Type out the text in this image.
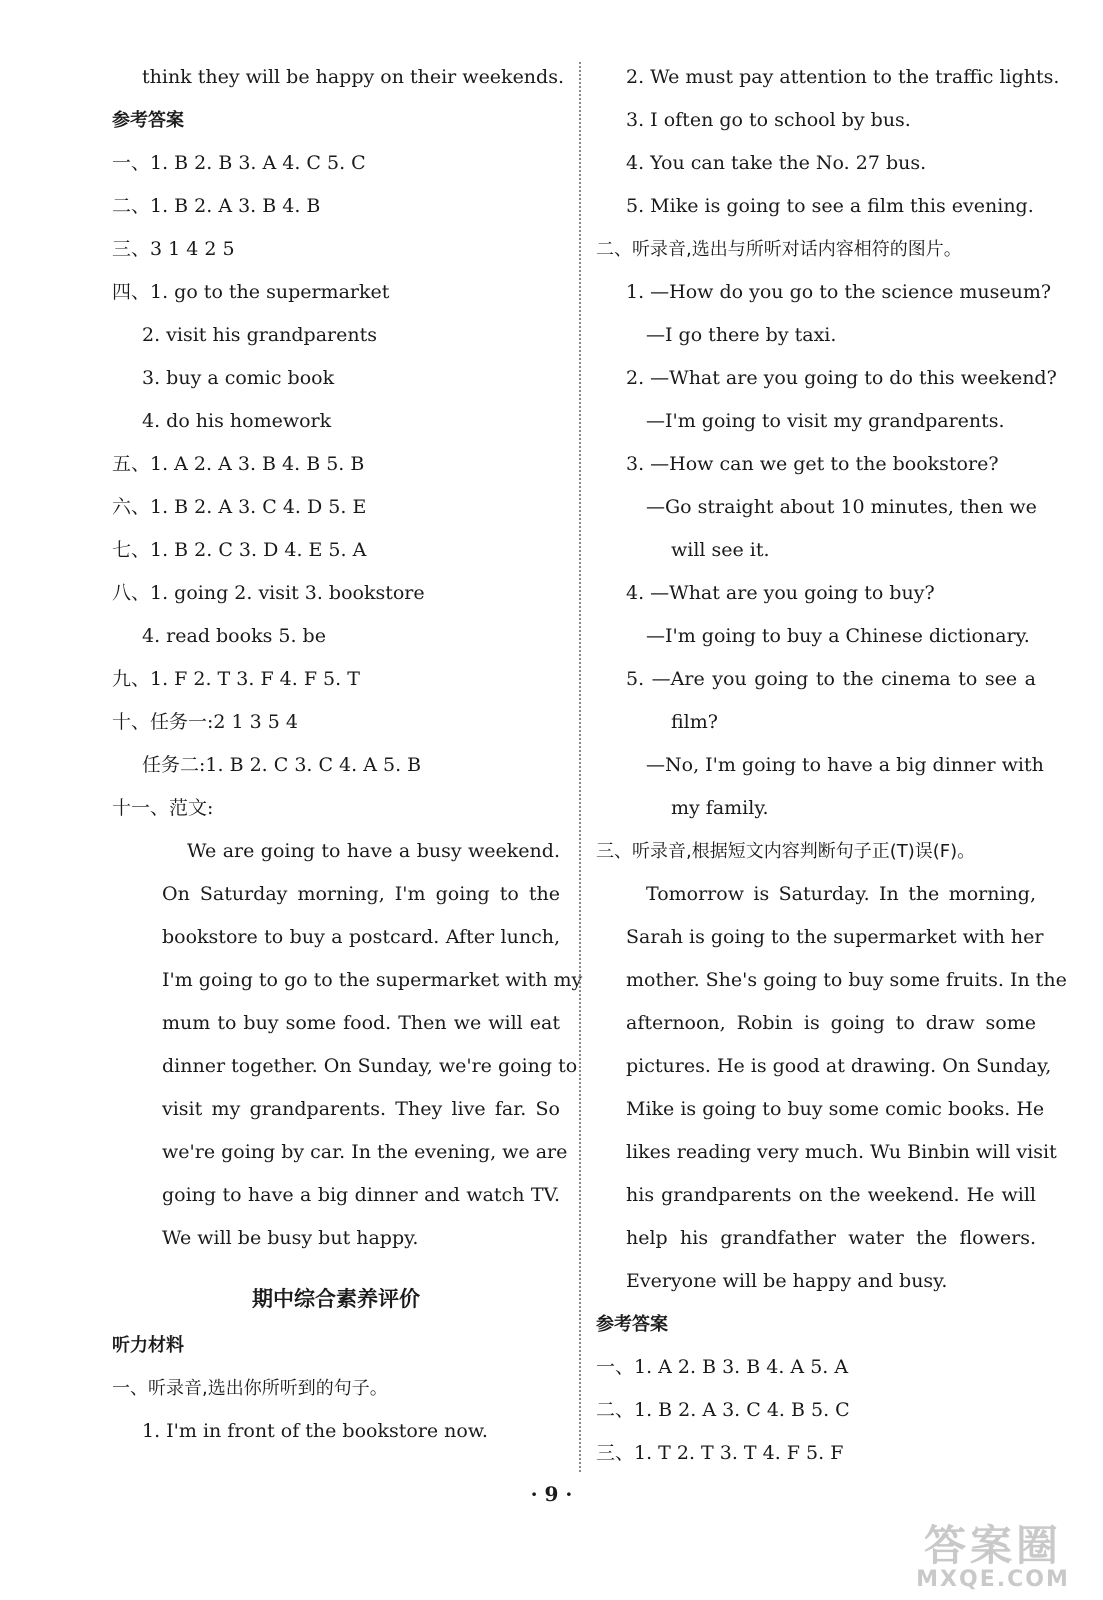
think they will be happy on their weekends.
参考答案
一、1. B 2. B 3. A 4. C 5. C
二、1. B 2. A 3. B 4. B
三、3 1 4 2 5
四、1. go to the supermarket
2. visit his grandparents
3. buy a comic book
4. do his homework
五、1. A 2. A 3. B 4. B 5. B
六、1. B 2. A 3. C 4. D 5. E
七、1. B 2. C 3. D 4. E 5. A
八、1. going 2. visit 3. bookstore
4. read books 5. be
九、1. F 2. T 3. F 4. F 5. T
十、任务一:2 1 3 5 4
任务二:1. B 2. C 3. C 4. A 5. B
十一、范文:
We are going to have a busy weekend.
On Saturday morning, I'm going to the
bookstore to buy a postcard. After lunch,
I'm going to go to the supermarket with my
mum to buy some food. Then we will eat
dinner together. On Sunday, we're going to
visit my grandparents. They live far. So
we're going by car. In the evening, we are
going to have a big dinner and watch TV.
We will be busy but happy.
期中综合素养评价
听力材料
一、听录音,选出你所听到的句子。
1. I'm in front of the bookstore now.
2. We must pay attention to the traffic lights.
3. I often go to school by bus.
4. You can take the No. 27 bus.
5. Mike is going to see a film this evening.
二、听录音,选出与所听对话内容相符的图片。
1. —How do you go to the science museum?
—I go there by taxi.
2. —What are you going to do this weekend?
—I'm going to visit my grandparents.
3. —How can we get to the bookstore?
—Go straight about 10 minutes, then we
will see it.
4. —What are you going to buy?
—I'm going to buy a Chinese dictionary.
5. —Are you going to the cinema to see a
film?
—No, I'm going to have a big dinner with
my family.
三、听录音,根据短文内容判断句子正(T)误(F)。
Tomorrow is Saturday. In the morning,
Sarah is going to the supermarket with her
mother. She's going to buy some fruits. In the
afternoon, Robin is going to draw some
pictures. He is good at drawing. On Sunday,
Mike is going to buy some comic books. He
likes reading very much. Wu Binbin will visit
his grandparents on the weekend. He will
help his grandfather water the flowers.
Everyone will be happy and busy.
参考答案
一、1. A 2. B 3. B 4. A 5. A
二、1. B 2. A 3. C 4. B 5. C
三、1. T 2. T 3. T 4. F 5. F
· 9 ·
答案圈
MXQE.COM
